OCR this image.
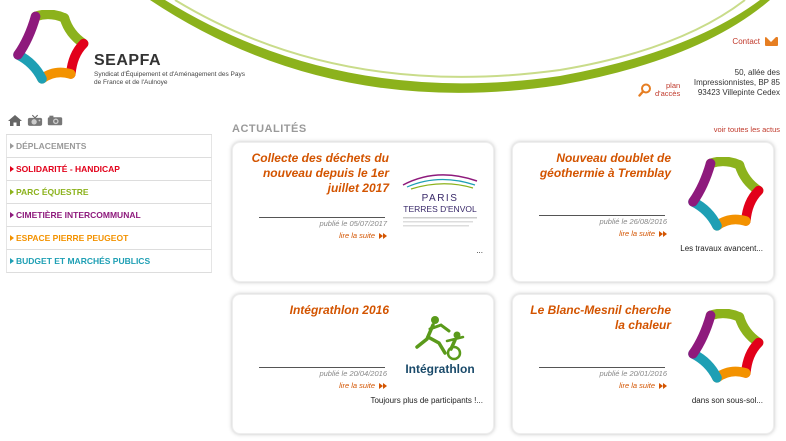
SEAPFA
Syndicat d'Équipement et d'Aménagement des Pays de France et de l'Aulnoye
Contact
50, allée des
Impressionnistes, BP 85
93423 Villepinte Cedex
plan
d'accès
DÉPLACEMENTS
SOLIDARITÉ - HANDICAP
PARC ÉQUESTRE
CIMETIÈRE INTERCOMMUNAL
ESPACE PIERRE PEUGEOT
BUDGET ET MARCHÉS PUBLICS
ACTUALITÉS	voir toutes les actus
Collecte des déchets du nouveau depuis le 1er juillet 2017
PARIS
TERRES D'ENVOL
publié le 05/07/2017
lire la suite
...
Nouveau doublet de géothermie à Tremblay
publié le 26/08/2016
lire la suite
Les travaux avancent...
Intégrathlon 2016
Intégrathlon
publié le 20/04/2016
lire la suite
Toujours plus de participants !...
Le Blanc-Mesnil cherche la chaleur
publié le 20/01/2016
lire la suite
dans son sous-sol...
